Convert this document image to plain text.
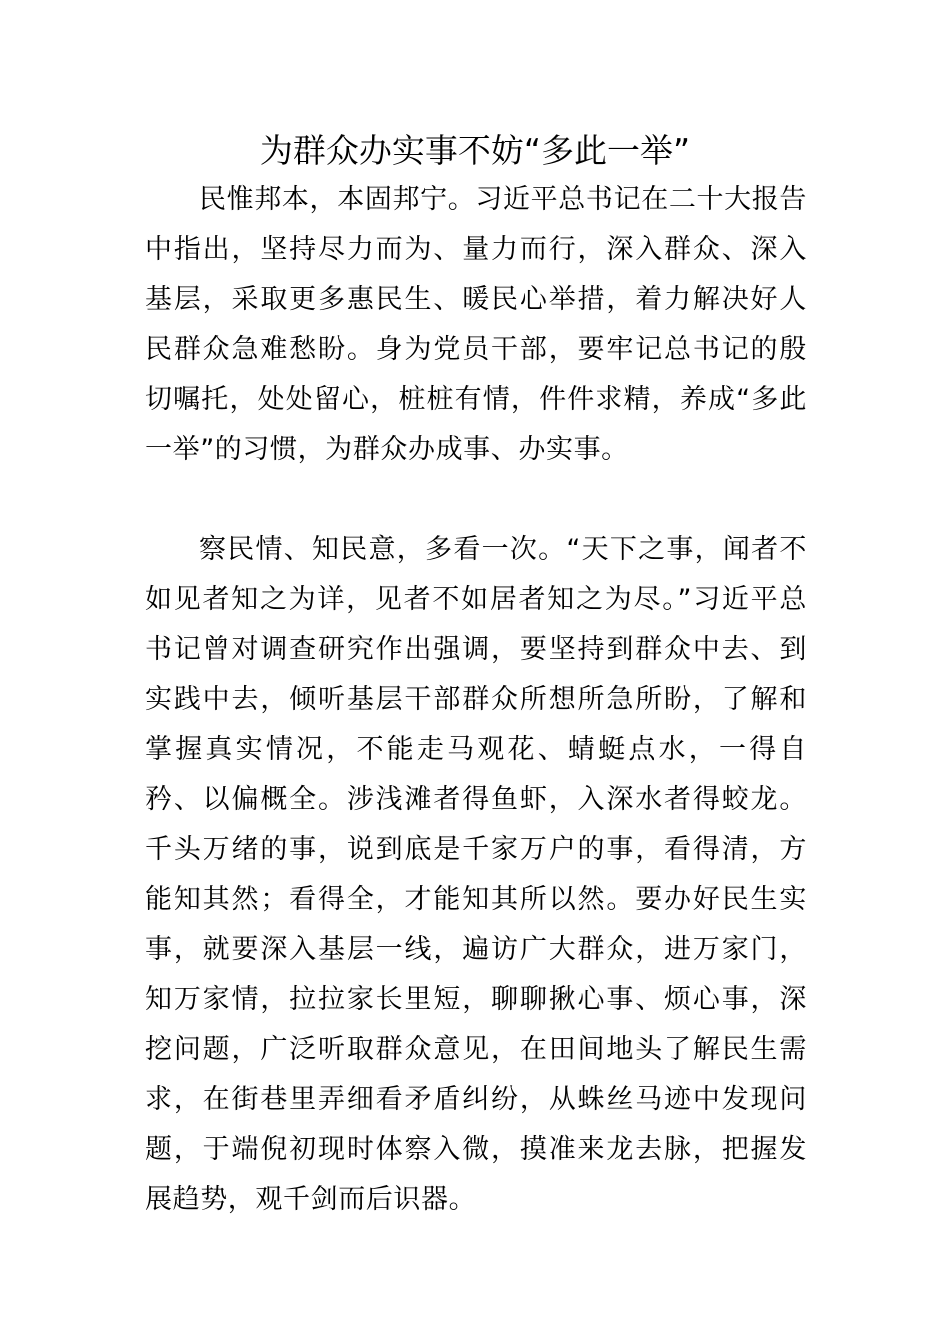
为群众办实事不妨“多此一举”

民惟邦本，本固邦宁。习近平总书记在二十大报告中指出，坚持尽力而为、量力而行，深入群众、深入基层，采取更多惠民生、暖民心举措，着力解决好人民群众急难愁盼。身为党员干部，要牢记总书记的殷切嘱托，处处留心，桩桩有情，件件求精，养成“多此一举”的习惯，为群众办成事、办实事。

察民情、知民意，多看一次。“天下之事，闻者不如见者知之为详，见者不如居者知之为尽。”习近平总书记曾对调查研究作出强调，要坚持到群众中去、到实践中去，倾听基层干部群众所想所急所盼，了解和掌握真实情况，不能走马观花、蜻蜓点水，一得自矜、以偏概全。涉浅滩者得鱼虾，入深水者得蛟龙。千头万绪的事，说到底是千家万户的事，看得清，方能知其然；看得全，才能知其所以然。要办好民生实事，就要深入基层一线，遍访广大群众，进万家门，知万家情，拉拉家长里短，聊聊揪心事、烦心事，深挖问题，广泛听取群众意见，在田间地头了解民生需求，在街巷里弄细看矛盾纠纷，从蛛丝马迹中发现问题，于端倪初现时体察入微，摸准来龙去脉，把握发展趋势，观千剑而后识器。
